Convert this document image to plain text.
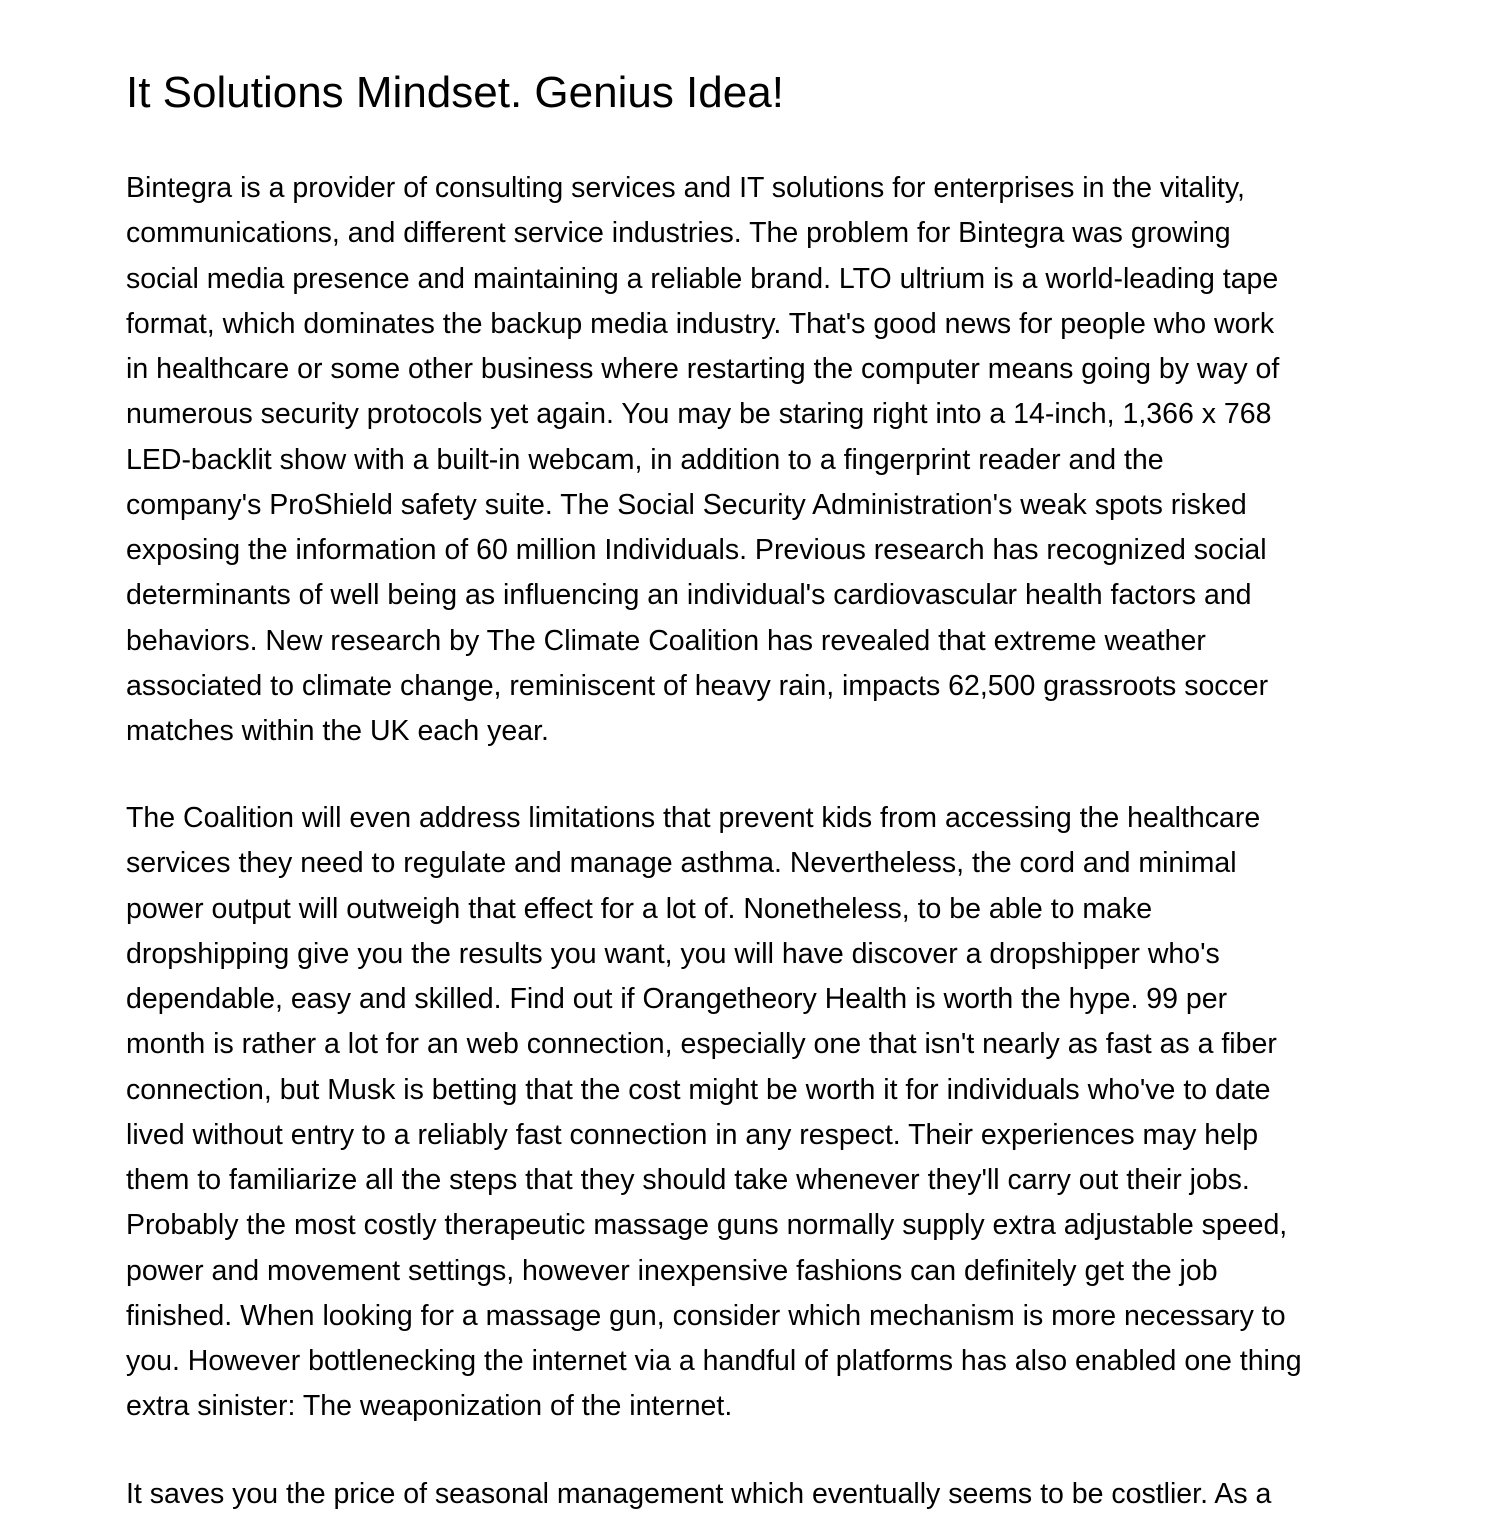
It Solutions Mindset. Genius Idea!
Bintegra is a provider of consulting services and IT solutions for enterprises in the vitality,
communications, and different service industries. The problem for Bintegra was growing
social media presence and maintaining a reliable brand. LTO ultrium is a world-leading tape
format, which dominates the backup media industry. That's good news for people who work
in healthcare or some other business where restarting the computer means going by way of
numerous security protocols yet again. You may be staring right into a 14-inch, 1,366 x 768
LED-backlit show with a built-in webcam, in addition to a fingerprint reader and the
company's ProShield safety suite. The Social Security Administration's weak spots risked
exposing the information of 60 million Individuals. Previous research has recognized social
determinants of well being as influencing an individual's cardiovascular health factors and
behaviors. New research by The Climate Coalition has revealed that extreme weather
associated to climate change, reminiscent of heavy rain, impacts 62,500 grassroots soccer
matches within the UK each year.
The Coalition will even address limitations that prevent kids from accessing the healthcare
services they need to regulate and manage asthma. Nevertheless, the cord and minimal
power output will outweigh that effect for a lot of. Nonetheless, to be able to make
dropshipping give you the results you want, you will have discover a dropshipper who's
dependable, easy and skilled. Find out if Orangetheory Health is worth the hype. 99 per
month is rather a lot for an web connection, especially one that isn't nearly as fast as a fiber
connection, but Musk is betting that the cost might be worth it for individuals who've to date
lived without entry to a reliably fast connection in any respect. Their experiences may help
them to familiarize all the steps that they should take whenever they'll carry out their jobs.
Probably the most costly therapeutic massage guns normally supply extra adjustable speed,
power and movement settings, however inexpensive fashions can definitely get the job
finished. When looking for a massage gun, consider which mechanism is more necessary to
you. However bottlenecking the internet via a handful of platforms has also enabled one thing
extra sinister: The weaponization of the internet.
It saves you the price of seasonal management which eventually seems to be costlier. As a
